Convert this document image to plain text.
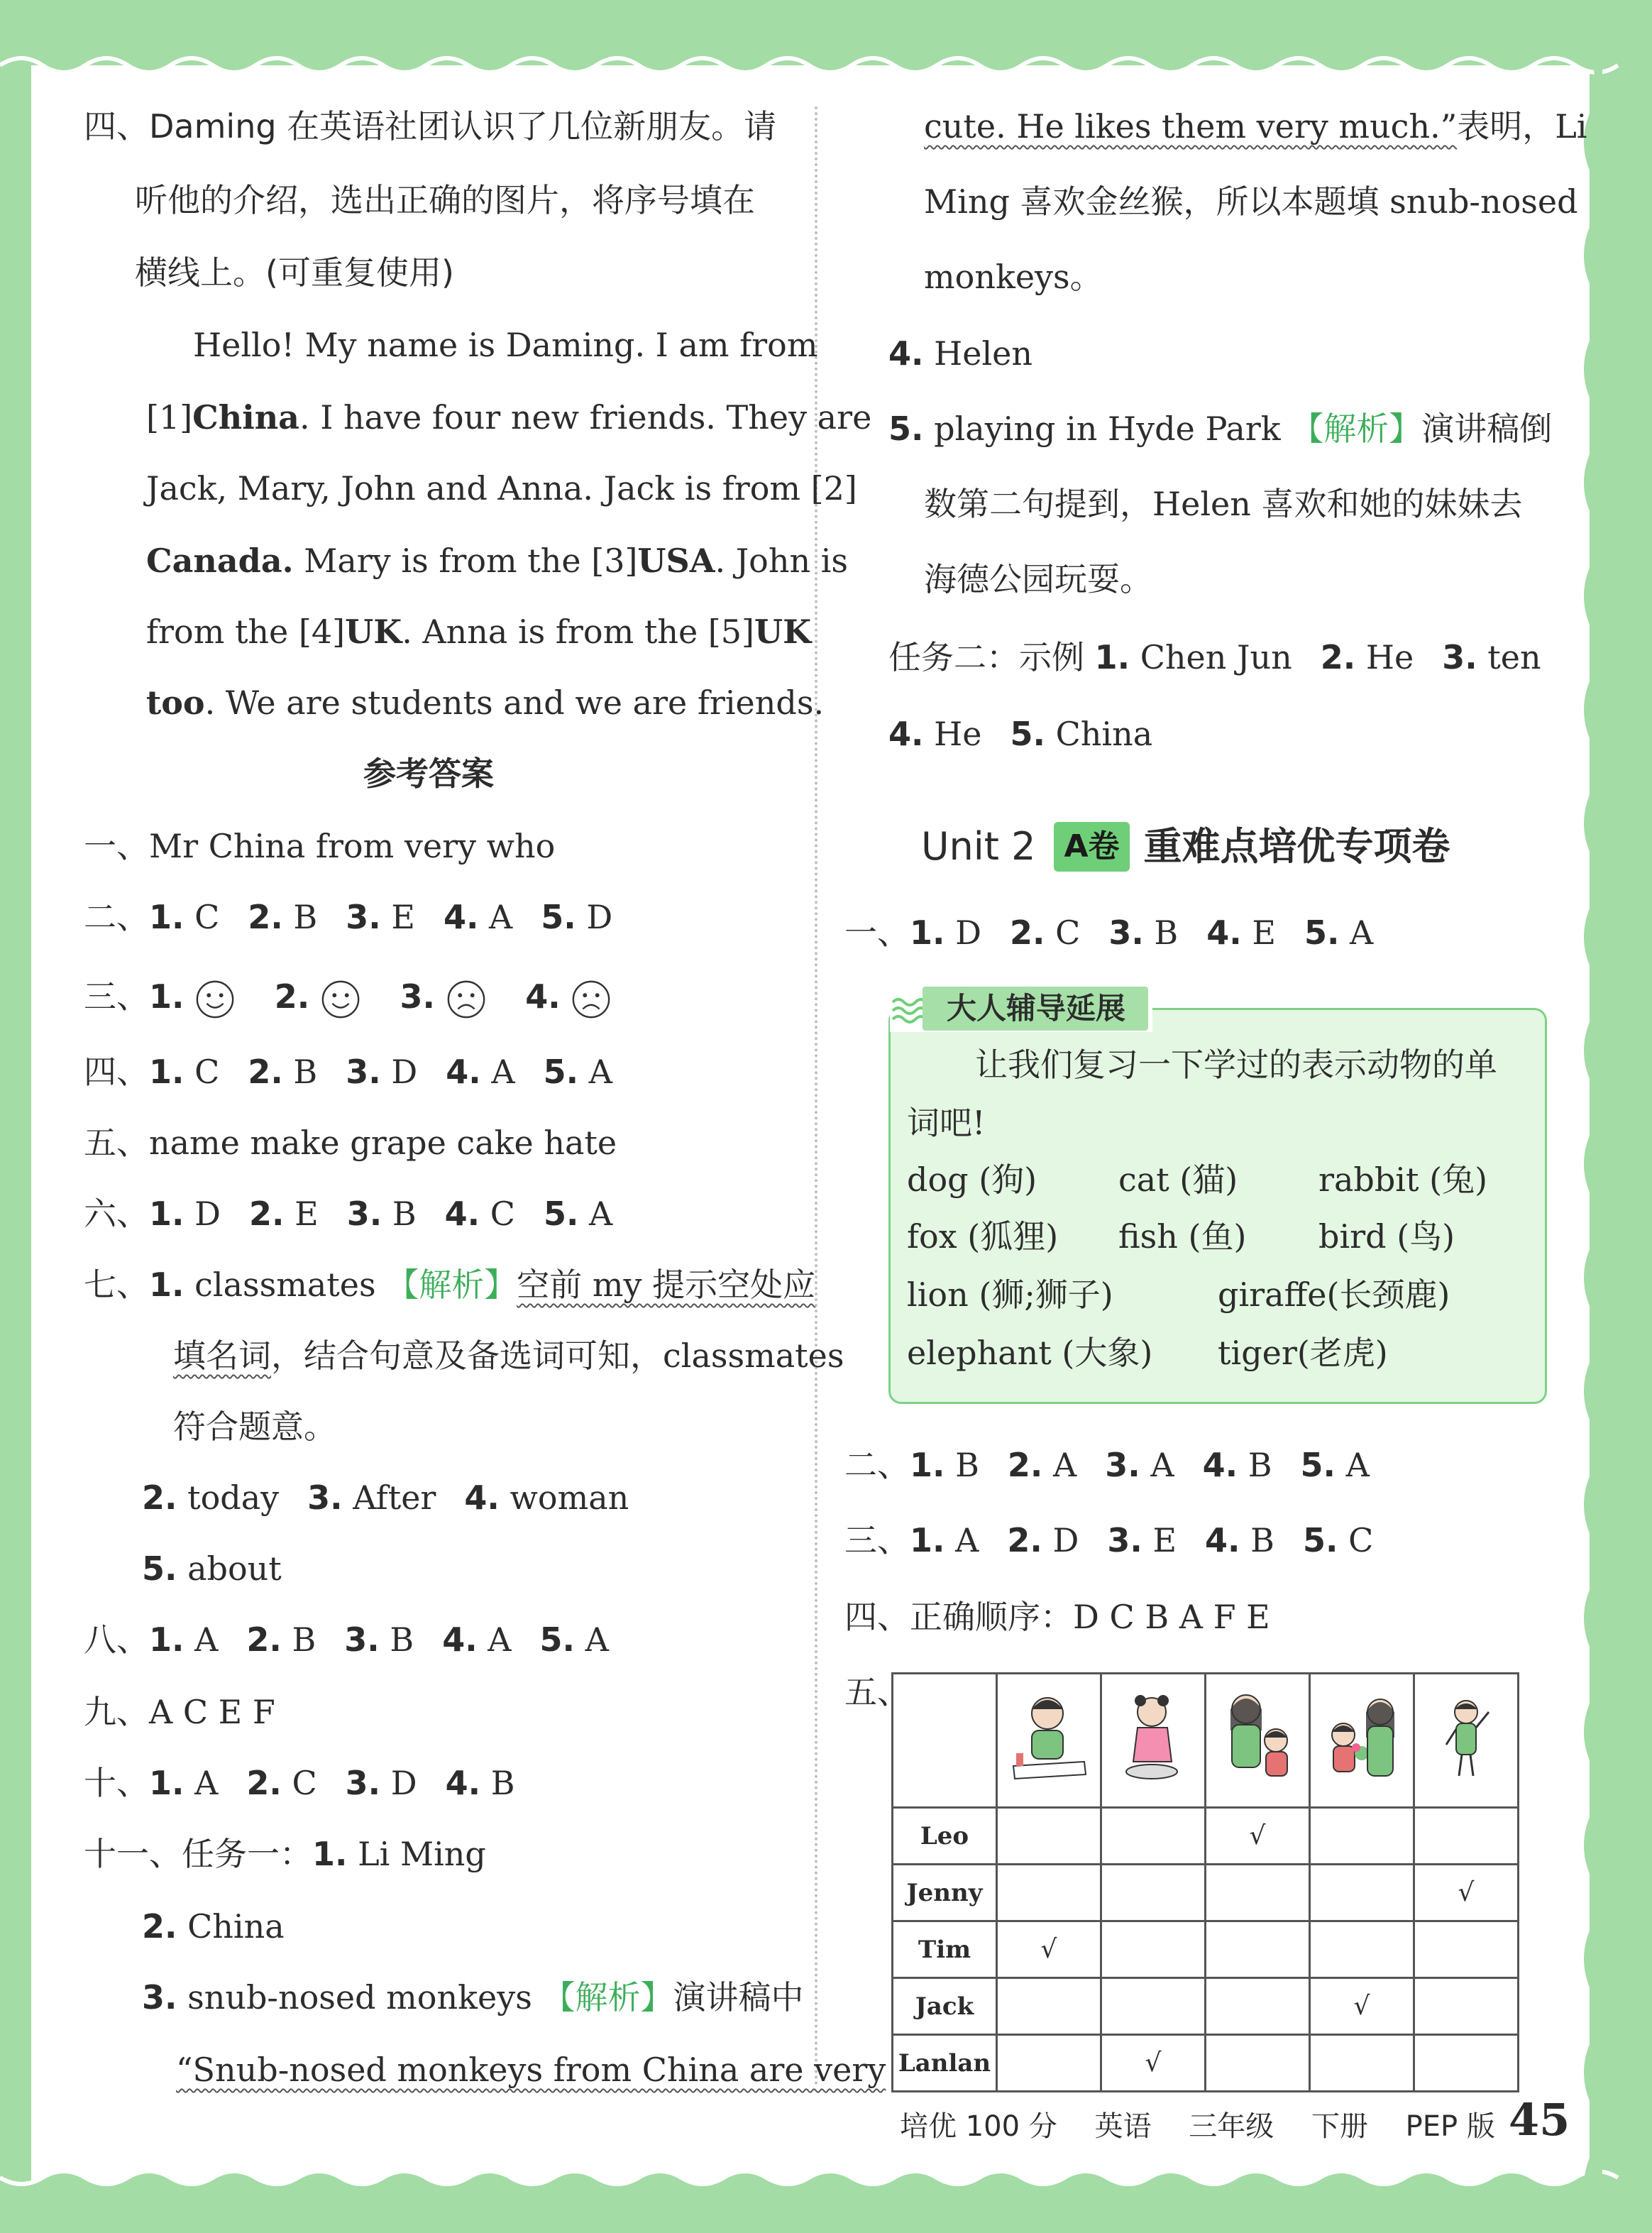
四、Daming 在英语社团认识了几位新朋友。请
听他的介绍，选出正确的图片，将序号填在
横线上。(可重复使用)
Hello! My name is Daming. I am from
[1]China. I have four new friends. They are
Jack, Mary, John and Anna. Jack is from [2]
Canada. Mary is from the [3]USA. John is
from the [4]UK. Anna is from the [5]UK
too. We are students and we are friends.
参考答案
一、Mr China from very who
二、1. C 2. B 3. E 4. A 5. D
三、1.	2.	3.	4.
四、1. C 2. B 3. D 4. A 5. A
五、name make grape cake hate
六、1. D 2. E 3. B 4. C 5. A
七、1. classmates 【解析】空前 my 提示空处应
填名词，结合句意及备选词可知，classmates
符合题意。
2. today 3. After 4. woman
5. about
八、1. A 2. B 3. B 4. A 5. A
九、A C E F
十、1. A 2. C 3. D 4. B
十一、任务一：1. Li Ming
2. China
3. snub-nosed monkeys 【解析】演讲稿中
“Snub-nosed monkeys from China are very
cute. He likes them very much.”表明，Li
Ming 喜欢金丝猴，所以本题填 snub-nosed
monkeys。
4. Helen
5. playing in Hyde Park 【解析】演讲稿倒
数第二句提到，Helen 喜欢和她的妹妹去
海德公园玩耍。
任务二：示例 1. Chen Jun 2. He 3. ten
4. He 5. China
Unit 2 A卷 重难点培优专项卷
一、1. D 2. C 3. B 4. E 5. A
大人辅导延展
让我们复习一下学过的表示动物的单
词吧!
dog (狗) cat (猫) rabbit (兔)
fox (狐狸) fish (鱼) bird (鸟)
lion (狮;狮子)	giraffe(长颈鹿)
elephant (大象) tiger(老虎)
二、1. B 2. A 3. A 4. B 5. A
三、1. A 2. D 3. E 4. B 5. C
四、正确顺序：D C B A F E
五、

Leo			√		
Jenny					√
Tim	√				
Jack				√	
Lanlan		√			
培优 100 分 英语 三年级 下册 PEP 版 45
